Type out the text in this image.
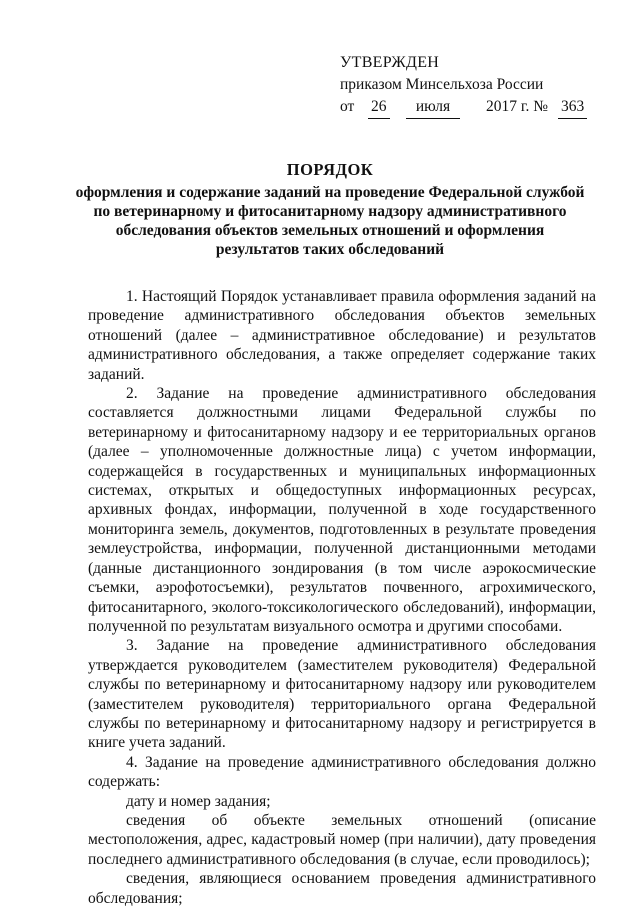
УТВЕРЖДЕН
приказом Минсельхоза России
от 26	июля	2017 г. № 363
ПОРЯДОК
оформления и содержание заданий на проведение Федеральной службой
по ветеринарному и фитосанитарному надзору административного
обследования объектов земельных отношений и оформления
результатов таких обследований

1. Настоящий Порядок устанавливает правила оформления заданий на проведение административного обследования объектов земельных отношений (далее – административное обследование) и результатов административного обследования, а также определяет содержание таких заданий.

2. Задание на проведение административного обследования составляется должностными лицами Федеральной службы по ветеринарному и фитосанитарному надзору и ее территориальных органов (далее – уполномоченные должностные лица) с учетом информации, содержащейся в государственных и муниципальных информационных системах, открытых и общедоступных информационных ресурсах, архивных фондах, информации, полученной в ходе государственного мониторинга земель, документов, подготовленных в результате проведения землеустройства, информации, полученной дистанционными методами (данные дистанционного зондирования (в том числе аэрокосмические съемки, аэрофотосъемки), результатов почвенного, агрохимического, фитосанитарного, эколого-токсикологического обследований), информации, полученной по результатам визуального осмотра и другими способами.

3. Задание на проведение административного обследования утверждается руководителем (заместителем руководителя) Федеральной службы по ветеринарному и фитосанитарному надзору или руководителем (заместителем руководителя) территориального органа Федеральной службы по ветеринарному и фитосанитарному надзору и регистрируется в книге учета заданий.

4. Задание на проведение административного обследования должно содержать:

дату и номер задания;

сведения об объекте земельных отношений (описание местоположения, адрес, кадастровый номер (при наличии), дату проведения последнего административного обследования (в случае, если проводилось);

сведения, являющиеся основанием проведения административного обследования;
